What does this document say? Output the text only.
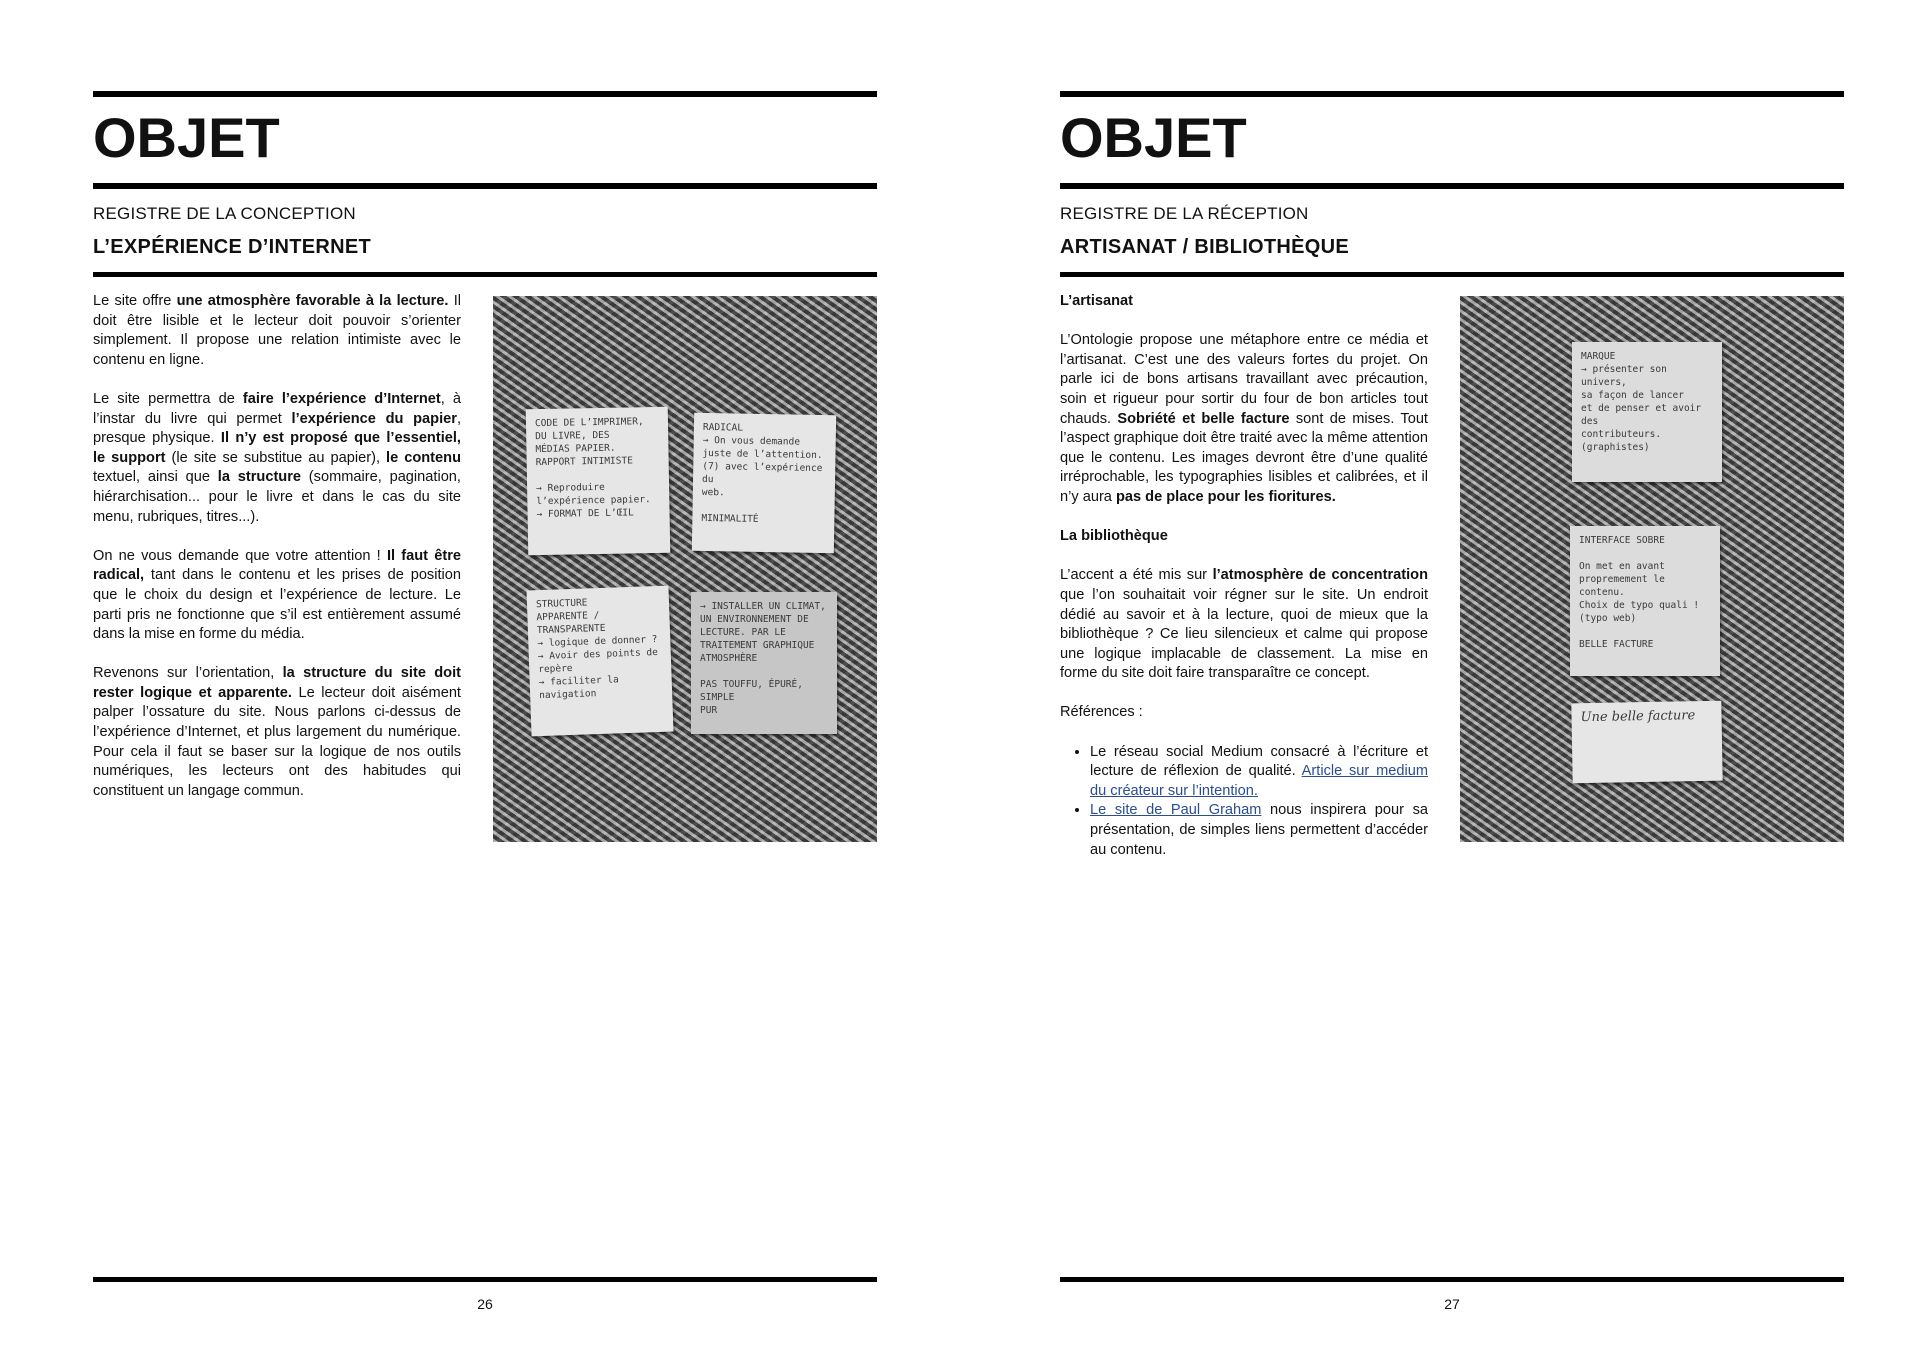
OBJET
REGISTRE DE LA CONCEPTION
L’EXPÉRIENCE D’INTERNET

Le site offre une atmosphère favorable à la lecture. Il doit être lisible et le lecteur doit pouvoir s’orienter simplement. Il propose une relation intimiste avec le contenu en ligne.

Le site permettra de faire l’expérience d’Internet, à l’instar du livre qui permet l’expérience du papier, presque physique. Il n’y est proposé que l’essentiel, le support (le site se substitue au papier), le contenu textuel, ainsi que la structure (sommaire, pagination, hiérarchisation... pour le livre et dans le cas du site menu, rubriques, titres...).

On ne vous demande que votre attention ! Il faut être radical, tant dans le contenu et les prises de position que le choix du design et l’expérience de lecture. Le parti pris ne fonctionne que s’il est entièrement assumé dans la mise en forme du média.

Revenons sur l’orientation, la structure du site doit rester logique et apparente. Le lecteur doit aisément palper l’ossature du site. Nous parlons ci-dessus de l’expérience d’Internet, et plus largement du numérique. Pour cela il faut se baser sur la logique de nos outils numériques, les lecteurs ont des habitudes qui constituent un langage commun.

CODE DE L’IMPRIMER,
DU LIVRE, DES
MÉDIAS PAPIER.
RAPPORT INTIMISTE

→ Reproduire
l’expérience papier.
→ FORMAT DE L’ŒIL
RADICAL
→ On vous demande
juste de l’attention.
(7) avec l’expérience du
web.

MINIMALITÉ
STRUCTURE
APPARENTE /
TRANSPARENTE
→ logique de donner ?
→ Avoir des points de
repère
→ faciliter la navigation
→ INSTALLER UN CLIMAT,
UN ENVIRONNEMENT DE
LECTURE. PAR LE
TRAITEMENT GRAPHIQUE
ATMOSPHÈRE

PAS TOUFFU, ÉPURÉ, SIMPLE
PUR
26
OBJET
REGISTRE DE LA RÉCEPTION
ARTISANAT / BIBLIOTHÈQUE

L’artisanat

L’Ontologie propose une métaphore entre ce média et l’artisanat. C’est une des valeurs fortes du projet. On parle ici de bons artisans travaillant avec précaution, soin et rigueur pour sortir du four de bon articles tout chauds. Sobriété et belle facture sont de mises. Tout l’aspect graphique doit être traité avec la même attention que le contenu. Les images devront être d’une qualité irréprochable, les typographies lisibles et calibrées, et il n’y aura pas de place pour les fioritures.

La bibliothèque

L’accent a été mis sur l’atmosphère de concentration que l’on souhaitait voir régner sur le site. Un endroit dédié au savoir et à la lecture, quoi de mieux que la bibliothèque ? Ce lieu silencieux et calme qui propose une logique implacable de classement. La mise en forme du site doit faire transparaître ce concept.

Références :

• Le réseau social Medium consacré à l’écriture et lecture de réflexion de qualité. Article sur medium du créateur sur l’intention.
• Le site de Paul Graham nous inspirera pour sa présentation, de simples liens permettent d’accéder au contenu.
MARQUE
→ présenter son univers,
sa façon de lancer
et de penser et avoir des
contributeurs. (graphistes)
INTERFACE SOBRE

On met en avant
propremement le contenu.
Choix de typo quali !
(typo web)

BELLE FACTURE
Une belle facture
27
